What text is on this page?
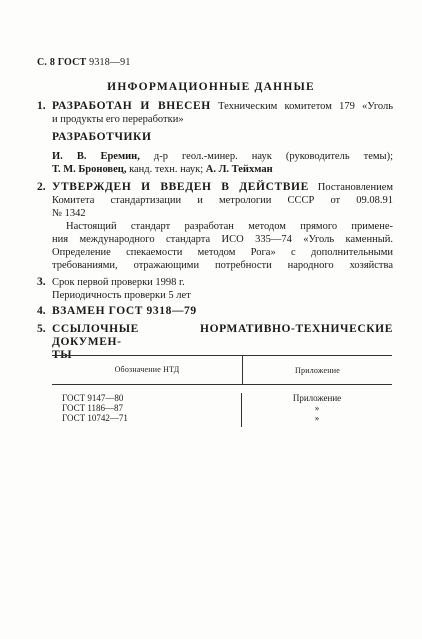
С. 8 ГОСТ 9318—91
ИНФОРМАЦИОННЫЕ ДАННЫЕ
1. РАЗРАБОТАН И ВНЕСЕН Техническим комитетом 179 «Уголь
и продукты его переработки»
РАЗРАБОТЧИКИ
И. В. Еремин, д-р геол.-минер. наук (руководитель темы);
Т. М. Броновец, канд. техн. наук; А. Л. Тейхман
2. УТВЕРЖДЕН И ВВЕДЕН В ДЕЙСТВИЕ Постановлением
Комитета стандартизации и метрологии СССР от 09.08.91
№ 1342
Настоящий стандарт разработан методом прямого примене-
ния международного стандарта ИСО 335—74 «Уголь каменный.
Определение спекаемости методом Рога» с дополнительными
требованиями, отражающими потребности народного хозяйства
3. Срок первой проверки 1998 г.
Периодичность проверки 5 лет
4. ВЗАМЕН ГОСТ 9318—79
5. ССЫЛОЧНЫЕ НОРМАТИВНО-ТЕХНИЧЕСКИЕ ДОКУМЕН-
ТЫ
Обозначение НТД	Приложение
ГОСТ 9147—80
ГОСТ 1186—87
ГОСТ 10742—71
Приложение
»
»
